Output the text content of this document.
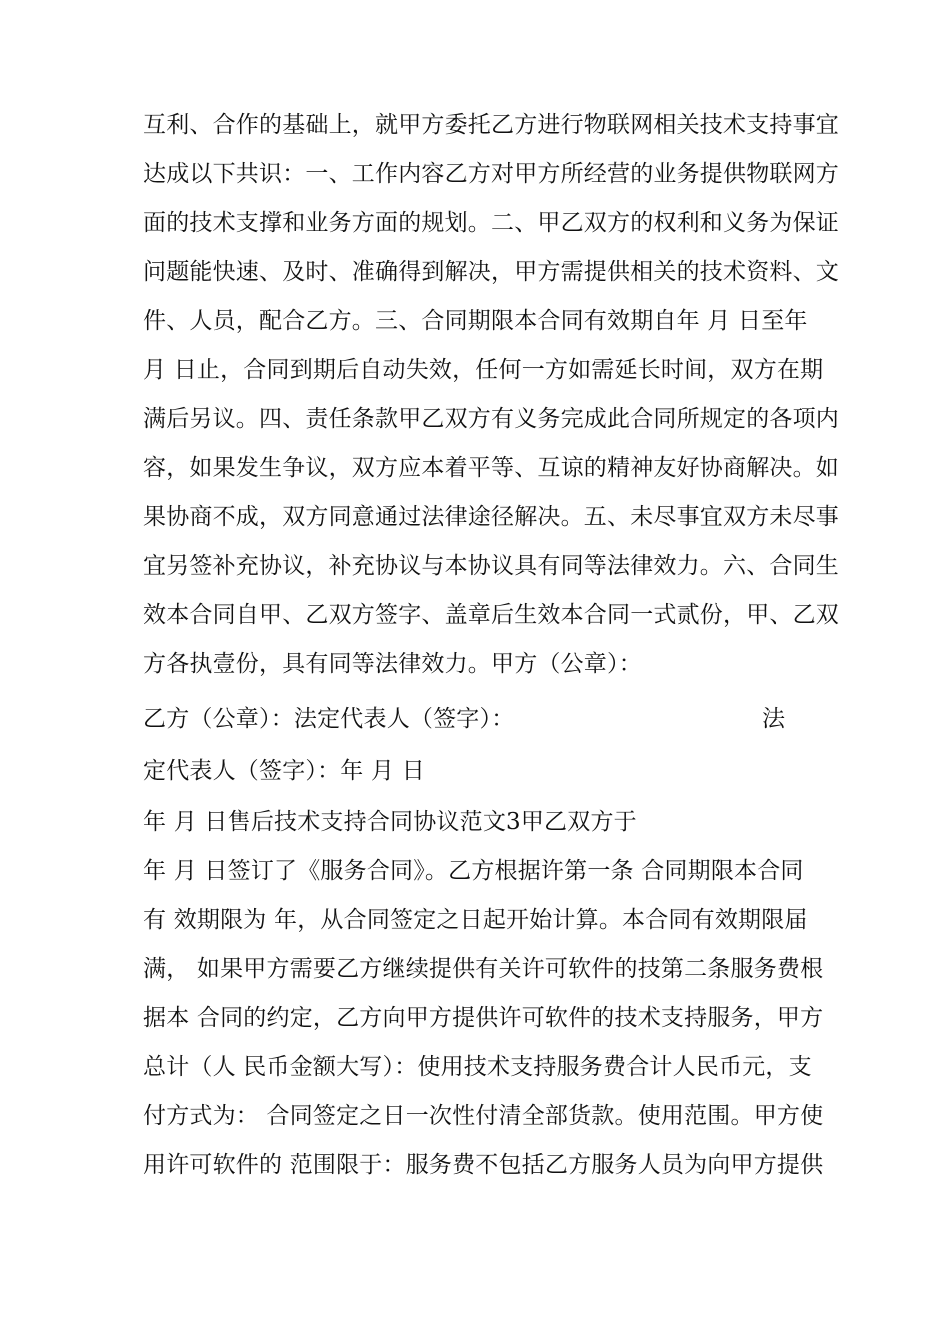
互利、合作的基础上，就甲方委托乙方进行物联网相关技术支持事宜
达成以下共识：一、工作内容乙方对甲方所经营的业务提供物联网方
面的技术支撑和业务方面的规划。二、甲乙双方的权利和义务为保证
问题能快速、及时、准确得到解决，甲方需提供相关的技术资料、文
件、人员，配合乙方。三、合同期限本合同有效期自年 月 日至年
月 日止，合同到期后自动失效，任何一方如需延长时间，双方在期
满后另议。四、责任条款甲乙双方有义务完成此合同所规定的各项内
容，如果发生争议，双方应本着平等、互谅的精神友好协商解决。如
果协商不成，双方同意通过法律途径解决。五、未尽事宜双方未尽事
宜另签补充协议，补充协议与本协议具有同等法律效力。六、合同生
效本合同自甲、乙双方签字、盖章后生效本合同一式贰份，甲、乙双
方各执壹份，具有同等法律效力。甲方（公章）：
乙方（公章）：法定代表人（签字）：	法
定代表人（签字）：年 月 日
年 月 日售后技术支持合同协议范文3甲乙双方于
年 月 日签订了《服务合同》。乙方根据许第一条 合同期限本合同
有 效期限为 年，从合同签定之日起开始计算。本合同有效期限届
满， 如果甲方需要乙方继续提供有关许可软件的技第二条服务费根
据本 合同的约定，乙方向甲方提供许可软件的技术支持服务，甲方
总计（人 民币金额大写）：使用技术支持服务费合计人民币元，支
付方式为： 合同签定之日一次性付清全部货款。使用范围。甲方使
用许可软件的 范围限于：服务费不包括乙方服务人员为向甲方提供
